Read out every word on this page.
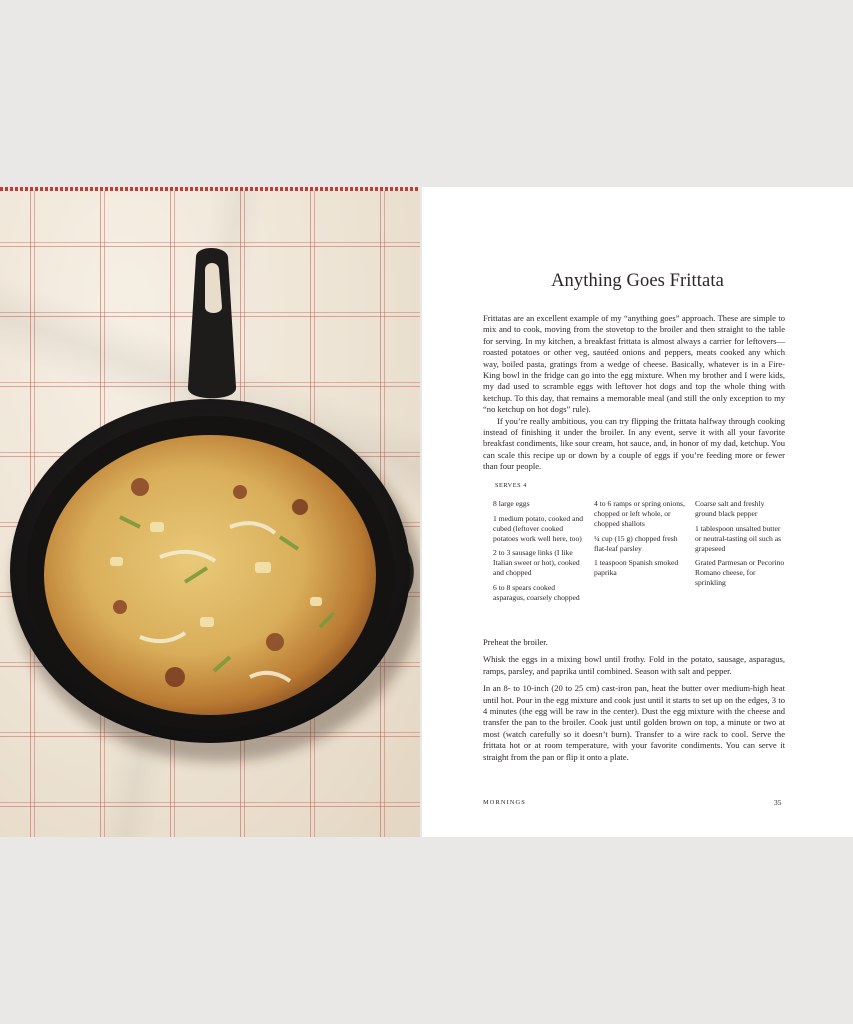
Anything Goes Frittata

Frittatas are an excellent example of my “anything goes” approach. These are simple to mix and to cook, moving from the stovetop to the broiler and then straight to the table for serving. In my kitchen, a breakfast frittata is almost always a carrier for leftovers—roasted potatoes or other veg, sautéed onions and peppers, meats cooked any which way, boiled pasta, gratings from a wedge of cheese. Basically, whatever is in a Fire-King bowl in the fridge can go into the egg mixture. When my brother and I were kids, my dad used to scramble eggs with leftover hot dogs and top the whole thing with ketchup. To this day, that remains a memorable meal (and still the only exception to my “no ketchup on hot dogs” rule).

If you’re really ambitious, you can try flipping the frittata halfway through cooking instead of finishing it under the broiler. In any event, serve it with all your favorite breakfast condiments, like sour cream, hot sauce, and, in honor of my dad, ketchup. You can scale this recipe up or down by a couple of eggs if you’re feeding more or fewer than four people.

SERVES 4

8 large eggs

1 medium potato, cooked and cubed (leftover cooked potatoes work well here, too)

2 to 3 sausage links (I like Italian sweet or hot), cooked and chopped

6 to 8 spears cooked asparagus, coarsely chopped

4 to 6 ramps or spring onions, chopped or left whole, or chopped shallots

¼ cup (15 g) chopped fresh flat-leaf parsley

1 teaspoon Spanish smoked paprika

Coarse salt and freshly ground black pepper

1 tablespoon unsalted butter or neutral-tasting oil such as grapeseed

Grated Parmesan or Pecorino Romano cheese, for sprinkling

Preheat the broiler.

Whisk the eggs in a mixing bowl until frothy. Fold in the potato, sausage, asparagus, ramps, parsley, and paprika until combined. Season with salt and pepper.

In an 8- to 10-inch (20 to 25 cm) cast-iron pan, heat the butter over medium-high heat until hot. Pour in the egg mixture and cook just until it starts to set up on the edges, 3 to 4 minutes (the egg will be raw in the center). Dust the egg mixture with the cheese and transfer the pan to the broiler. Cook just until golden brown on top, a minute or two at most (watch carefully so it doesn’t burn). Transfer to a wire rack to cool. Serve the frittata hot or at room temperature, with your favorite condiments. You can serve it straight from the pan or flip it onto a plate.

MORNINGS	35
